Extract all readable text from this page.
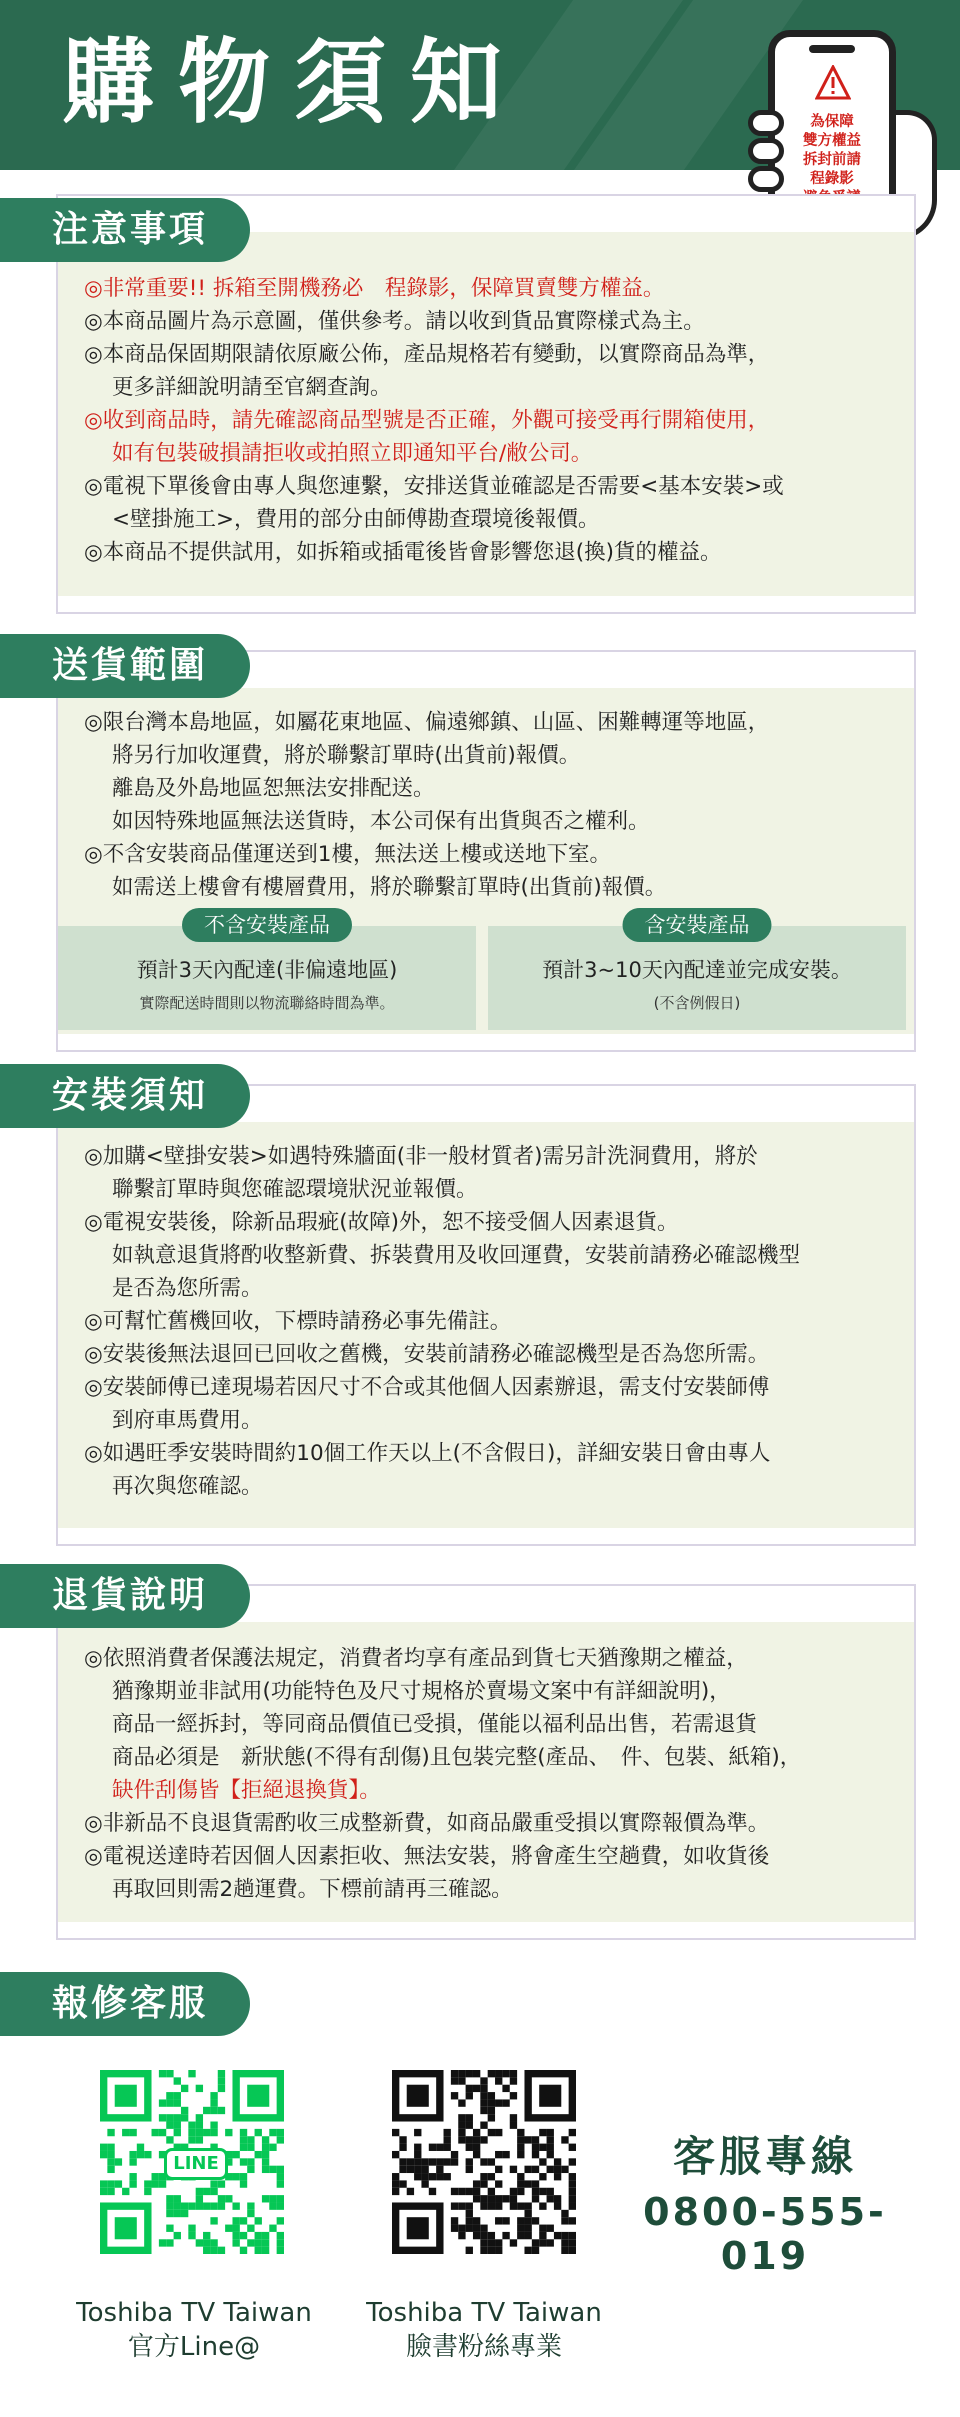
購物須知	為保障
雙方權益
拆封前請
程錄影
注意事項
◎非常重要!! 拆箱至開機務必　程錄影，保障買賣雙方權益。
◎本商品圖片為示意圖，僅供參考。請以收到貨品實際樣式為主。
◎本商品保固期限請依原廠公佈，產品規格若有變動，以實際商品為準，
更多詳細說明請至官網查詢。
◎收到商品時，請先確認商品型號是否正確，外觀可接受再行開箱使用，
如有包裝破損請拒收或拍照立即通知平台/敝公司。
◎電視下單後會由專人與您連繫，安排送貨並確認是否需要<基本安裝>或
<壁掛施工>，費用的部分由師傅勘查環境後報價。
◎本商品不提供試用，如拆箱或插電後皆會影響您退(換)貨的權益。
送貨範圍
◎限台灣本島地區，如屬花東地區、偏遠鄉鎮、山區、困難轉運等地區，
將另行加收運費，將於聯繫訂單時(出貨前)報價。
離島及外島地區恕無法安排配送。
如因特殊地區無法送貨時，本公司保有出貨與否之權利。
◎不含安裝商品僅運送到1樓，無法送上樓或送地下室。
如需送上樓會有樓層費用，將於聯繫訂單時(出貨前)報價。
不含安裝產品
預計3天內配達(非偏遠地區)
實際配送時間則以物流聯絡時間為準。
含安裝產品
預計3~10天內配達並完成安裝。
(不含例假日)
安裝須知
◎加購<壁掛安裝>如遇特殊牆面(非一般材質者)需另計洗洞費用，將於
聯繫訂單時與您確認環境狀況並報價。
◎電視安裝後，除新品瑕疵(故障)外，恕不接受個人因素退貨。
如執意退貨將酌收整新費、拆裝費用及收回運費，安裝前請務必確認機型
是否為您所需。
◎可幫忙舊機回收，下標時請務必事先備註。
◎安裝後無法退回已回收之舊機，安裝前請務必確認機型是否為您所需。
◎安裝師傅已達現場若因尺寸不合或其他個人因素辦退，需支付安裝師傅
到府車馬費用。
◎如遇旺季安裝時間約10個工作天以上(不含假日)，詳細安裝日會由專人
再次與您確認。
退貨說明
◎依照消費者保護法規定，消費者均享有產品到貨七天猶豫期之權益，
猶豫期並非試用(功能特色及尺寸規格於賣場文案中有詳細說明)，
商品一經拆封，等同商品價值已受損，僅能以福利品出售，若需退貨
商品必須是　新狀態(不得有刮傷)且包裝完整(產品、　件、包裝、紙箱)，
缺件刮傷皆【拒絕退換貨】。
◎非新品不良退貨需酌收三成整新費，如商品嚴重受損以實際報價為準。
◎電視送達時若因個人因素拒收、無法安裝，將會產生空趟費，如收貨後
再取回則需2趟運費。下標前請再三確認。
報修客服
LINE
Toshiba TV Taiwan
官方Line@
Toshiba TV Taiwan
臉書粉絲專業
客服專線
0800-555-019
